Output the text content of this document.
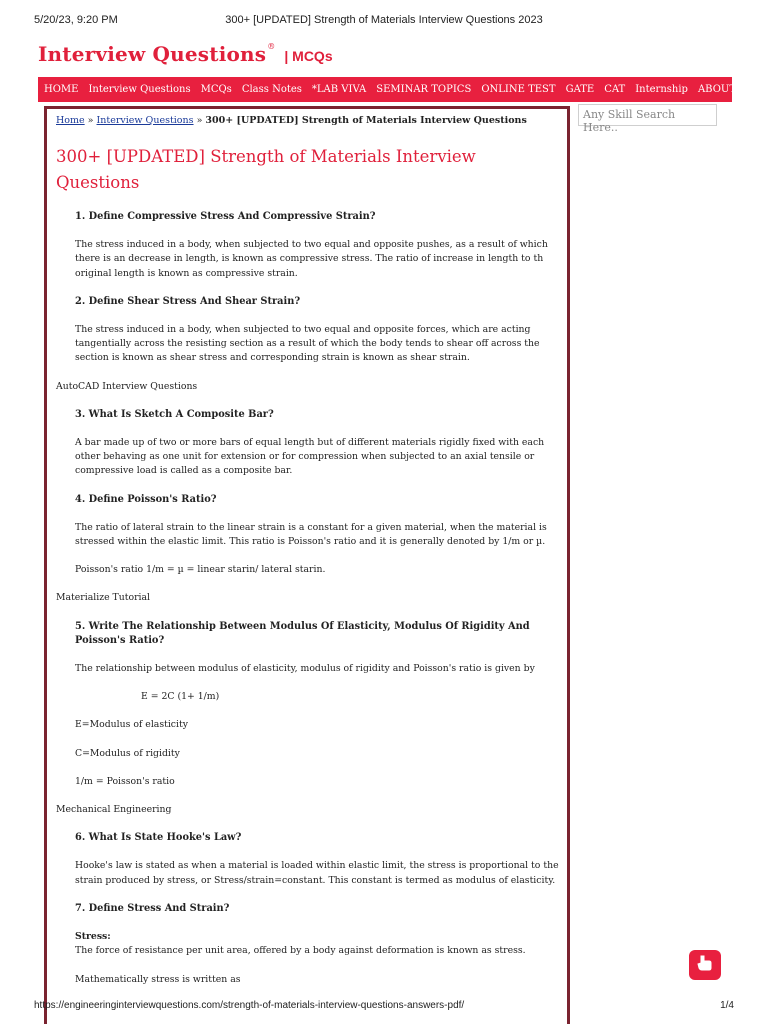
5/20/23, 9:20 PM	300+ [UPDATED] Strength of Materials Interview Questions 2023
Interview Questions® | MCQs
HOME	Interview Questions	MCQs	Class Notes	*LAB VIVA	SEMINAR TOPICS	ONLINE TEST	GATE	CAT	Internship	ABOUT US
Home » Interview Questions » 300+ [UPDATED] Strength of Materials Interview Questions	Any Skill Search Here..
300+ [UPDATED] Strength of Materials Interview Questions
1. Define Compressive Stress And Compressive Strain?
The stress induced in a body, when subjected to two equal and opposite pushes, as a result of which there is an decrease in length, is known as compressive stress. The ratio of increase in length to th original length is known as compressive strain.
2. Define Shear Stress And Shear Strain?
The stress induced in a body, when subjected to two equal and opposite forces, which are acting tangentially across the resisting section as a result of which the body tends to shear off across the section is known as shear stress and corresponding strain is known as shear strain.
AutoCAD Interview Questions
3. What Is Sketch A Composite Bar?
A bar made up of two or more bars of equal length but of different materials rigidly fixed with each other behaving as one unit for extension or for compression when subjected to an axial tensile or compressive load is called as a composite bar.
4. Define Poisson's Ratio?
The ratio of lateral strain to the linear strain is a constant for a given material, when the material is stressed within the elastic limit. This ratio is Poisson's ratio and it is generally denoted by 1/m or µ.
Poisson's ratio 1/m = µ = linear starin/ lateral starin.
Materialize Tutorial
5. Write The Relationship Between Modulus Of Elasticity, Modulus Of Rigidity And Poisson's Ratio?
The relationship between modulus of elasticity, modulus of rigidity and Poisson's ratio is given by
E = 2C (1+ 1/m)
E=Modulus of elasticity
C=Modulus of rigidity
1/m = Poisson's ratio
Mechanical Engineering
6. What Is State Hooke's Law?
Hooke's law is stated as when a material is loaded within elastic limit, the stress is proportional to the strain produced by stress, or Stress/strain=constant. This constant is termed as modulus of elasticity.
7. Define Stress And Strain?
Stress:
The force of resistance per unit area, offered by a body against deformation is known as stress.
Mathematically stress is written as
https://engineeringinterviewquestions.com/strength-of-materials-interview-questions-answers-pdf/	1/4
